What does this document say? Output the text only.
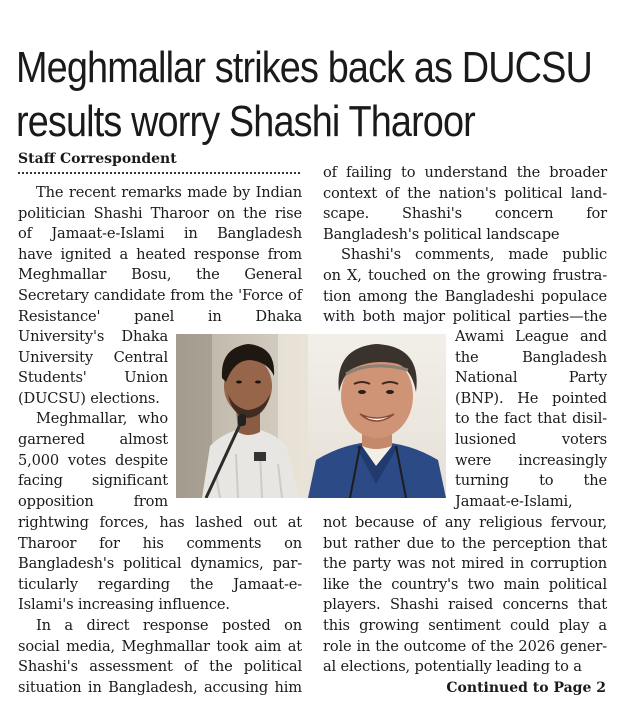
Meghmallar strikes back as DUCSU
results worry Shashi Tharoor
Staff Correspondent
The recent remarks made by Indian
politician Shashi Tharoor on the rise
of Jamaat-e-Islami in Bangladesh
have ignited a heated response from
Meghmallar Bosu, the General
Secretary candidate from the 'Force of
Resistance' panel in Dhaka
University's Dhaka
University Central
Students' Union
(DUCSU) elections.
Meghmallar, who
garnered almost
5,000 votes despite
facing significant
opposition from
rightwing forces, has lashed out at
Tharoor for his comments on
Bangladesh's political dynamics, par-
ticularly regarding the Jamaat-e-
Islami's increasing influence.
In a direct response posted on
social media, Meghmallar took aim at
Shashi's assessment of the political
situation in Bangladesh, accusing him
of failing to understand the broader
context of the nation's political land-
scape. Shashi's concern for
Bangladesh's political landscape
Shashi's comments, made public
on X, touched on the growing frustra-
tion among the Bangladeshi populace
with both major political parties—the
Awami League and
the Bangladesh
National Party
(BNP). He pointed
to the fact that disil-
lusioned voters
were increasingly
turning to the
Jamaat-e-Islami,
not because of any religious fervour,
but rather due to the perception that
the party was not mired in corruption
like the country's two main political
players. Shashi raised concerns that
this growing sentiment could play a
role in the outcome of the 2026 gener-
al elections, potentially leading to a
Continued to Page 2
